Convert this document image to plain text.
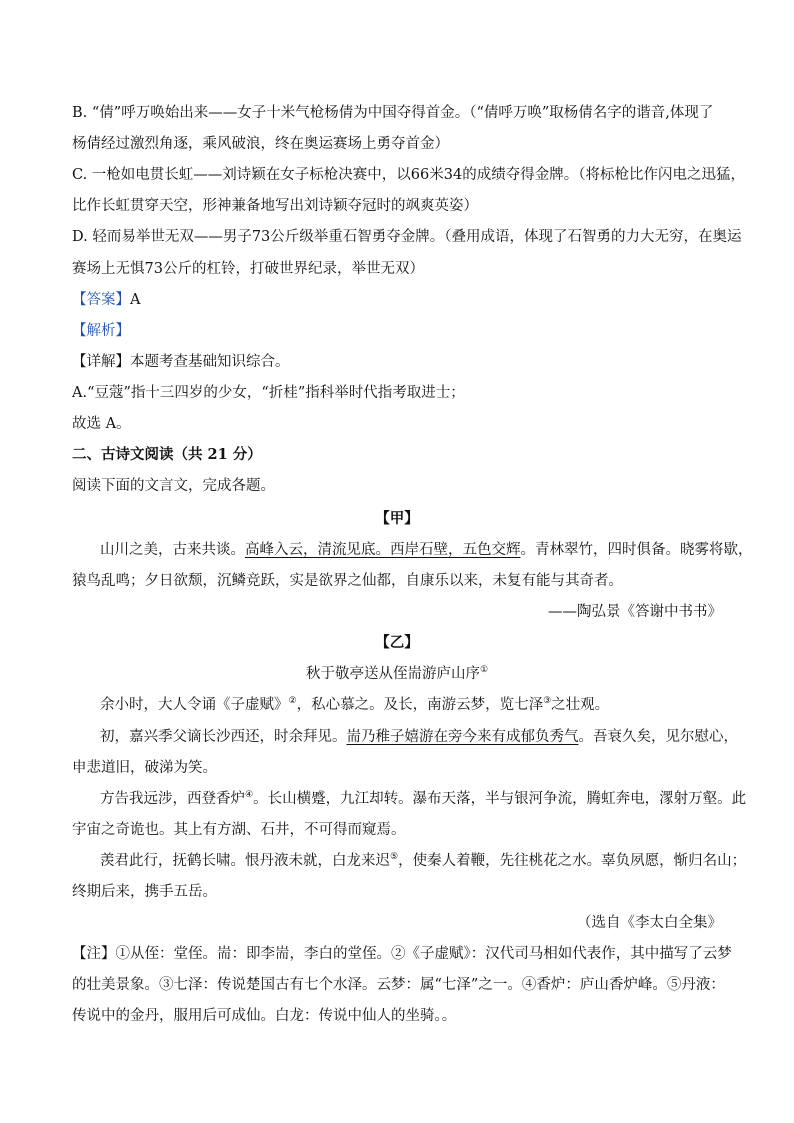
B. “倩”呼万唤始出来——女子十米气枪杨倩为中国夺得首金。（“倩呼万唤”取杨倩名字的谐音,体现了
杨倩经过激烈角逐，乘风破浪，终在奥运赛场上勇夺首金）
C. 一枪如电贯长虹——刘诗颖在女子标枪决赛中，以66米34的成绩夺得金牌。（将标枪比作闪电之迅猛，
比作长虹贯穿天空，形神兼备地写出刘诗颖夺冠时的飒爽英姿）
D. 轻而易举世无双——男子73公斤级举重石智勇夺金牌。（叠用成语，体现了石智勇的力大无穷，在奥运
赛场上无惧73公斤的杠铃，打破世界纪录，举世无双）
【答案】A
【解析】
【详解】本题考查基础知识综合。
A.“豆蔻”指十三四岁的少女，“折桂”指科举时代指考取进士；
故选 A。
二、古诗文阅读（共 21 分）
阅读下面的文言文，完成各题。
【甲】
山川之美，古来共谈。高峰入云，清流见底。西岸石壁，五色交辉。青林翠竹，四时俱备。晓雾将歇，
猿鸟乱鸣；夕日欲颓，沉鳞竞跃，实是欲界之仙都，自康乐以来，未复有能与其奇者。
——陶弘景《答谢中书书》
【乙】
秋于敬亭送从侄耑游庐山序①
余小时，大人令诵《子虚赋》②，私心慕之。及长，南游云梦，览七泽③之壮观。
初，嘉兴季父谪长沙西还，时余拜见。耑乃稚子嬉游在旁今来有成郁负秀气。吾衰久矣，见尔慰心，
申悲道旧，破涕为笑。
方告我远涉，西登香炉④。长山横蹙，九江却转。瀑布天落，半与银河争流，腾虹奔电，潈射万壑。此
宇宙之奇诡也。其上有方湖、石井，不可得而窥焉。
羡君此行，抚鹤长啸。恨丹液未就，白龙来迟⑤，使秦人着鞭，先往桃花之水。辜负夙愿，惭归名山；
终期后来，携手五岳。
（选自《李太白全集》
【注】①从侄：堂侄。耑：即李耑，李白的堂侄。②《子虚赋》：汉代司马相如代表作，其中描写了云梦
的壮美景象。③七泽：传说楚国古有七个水泽。云梦：属“七泽”之一。④香炉：庐山香炉峰。⑤丹液：
传说中的金丹，服用后可成仙。白龙：传说中仙人的坐骑。。
